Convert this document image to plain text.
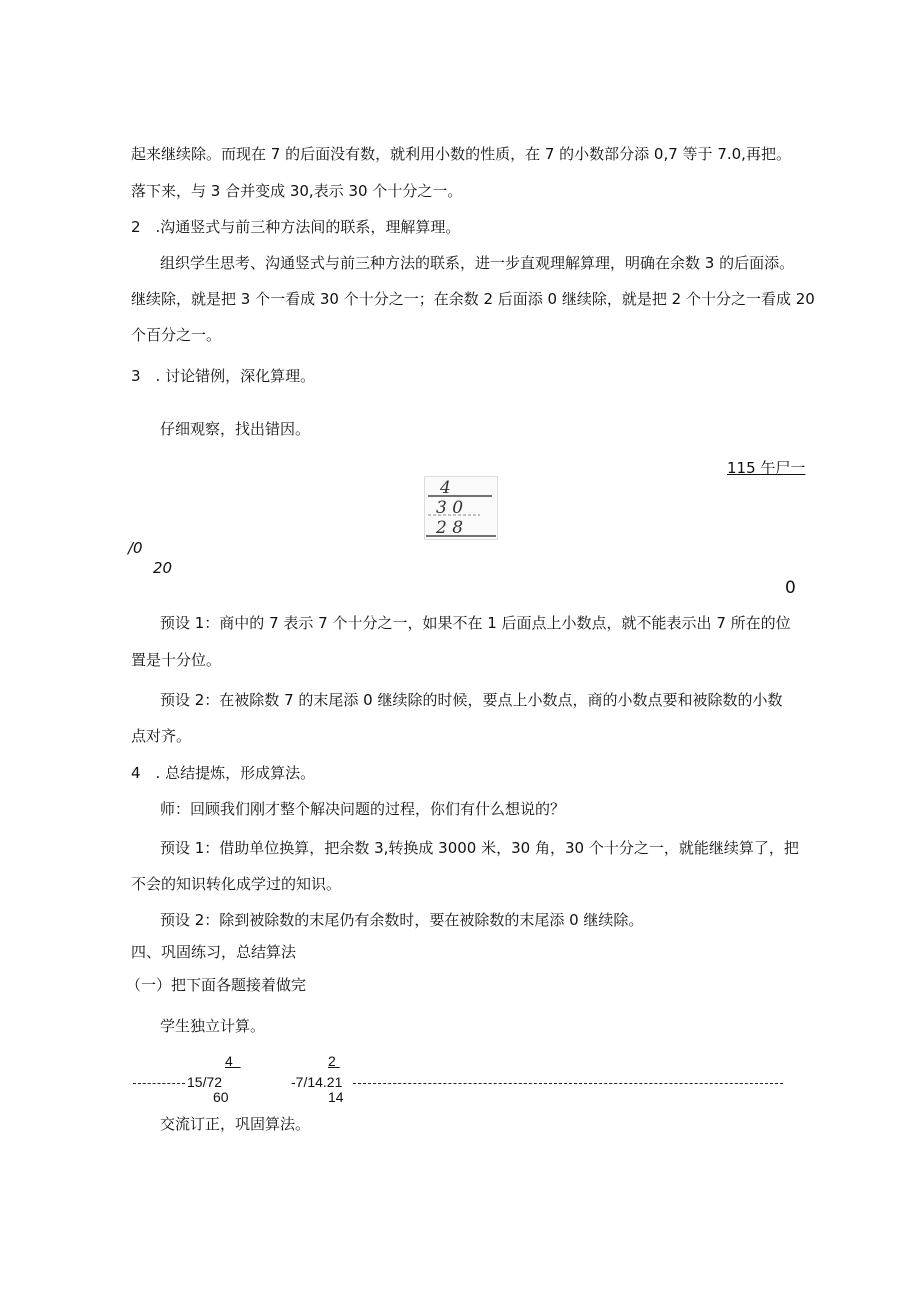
起来继续除。而现在 7 的后面没有数，就利用小数的性质，在 7 的小数部分添 0,7 等于 7.0,再把。
落下来，与 3 合并变成 30,表示 30 个十分之一。
2　.沟通竖式与前三种方法间的联系，理解算理。
组织学生思考、沟通竖式与前三种方法的联系，进一步直观理解算理，明确在余数 3 的后面添。
继续除，就是把 3 个一看成 30 个十分之一；在余数 2 后面添 0 继续除，就是把 2 个十分之一看成 20
个百分之一。
3　. 讨论错例，深化算理。
仔细观察，找出错因。
115 午尸一
4
3 0
2 8
/0
20
0
预设 1：商中的 7 表示 7 个十分之一，如果不在 1 后面点上小数点，就不能表示出 7 所在的位
置是十分位。
预设 2：在被除数 7 的末尾添 0 继续除的时候，要点上小数点，商的小数点要和被除数的小数
点对齐。
4　. 总结提炼，形成算法。
师：回顾我们刚才整个解决问题的过程，你们有什么想说的？
预设 1：借助单位换算，把余数 3,转换成 3000 米，30 角，30 个十分之一，就能继续算了，把
不会的知识转化成学过的知识。
预设 2：除到被除数的末尾仍有余数时，要在被除数的末尾添 0 继续除。
四、巩固练习，总结算法
（一）把下面各题接着做完
学生独立计算。
4	2
15/72	-7/14.21
60	14
交流订正，巩固算法。
